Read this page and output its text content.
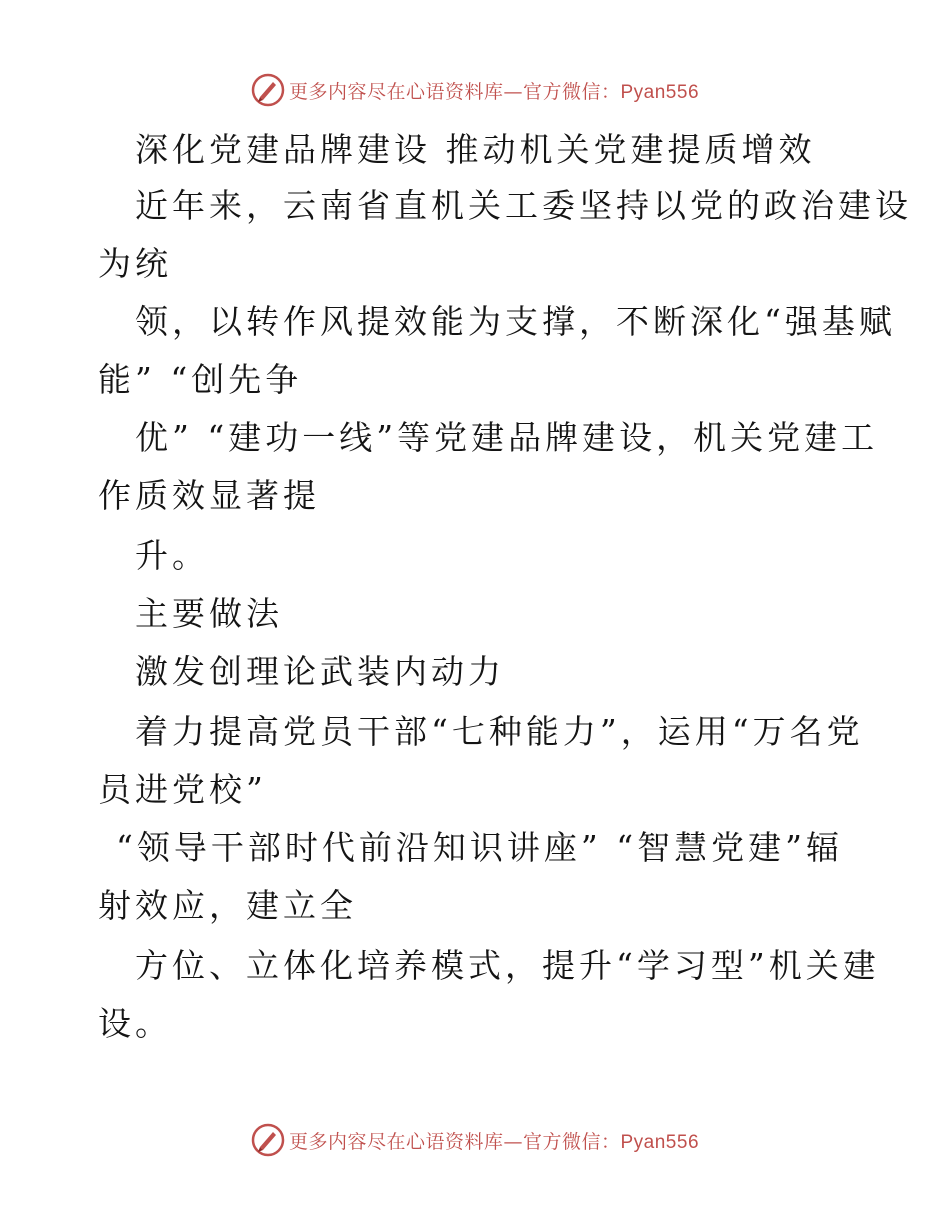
更多内容尽在心语资料库—官方微信：Pyan556
深化党建品牌建设 推动机关党建提质增效
近年来，云南省直机关工委坚持以党的政治建设
为统
领，以转作风提效能为支撑，不断深化“强基赋
能” “创先争
优” “建功一线”等党建品牌建设，机关党建工
作质效显著提
升。
主要做法
激发创理论武装内动力
着力提高党员干部“七种能力”，运用“万名党
员进党校”
“领导干部时代前沿知识讲座” “智慧党建”辐
射效应，建立全
方位、立体化培养模式，提升“学习型”机关建
设。
更多内容尽在心语资料库—官方微信：Pyan556
